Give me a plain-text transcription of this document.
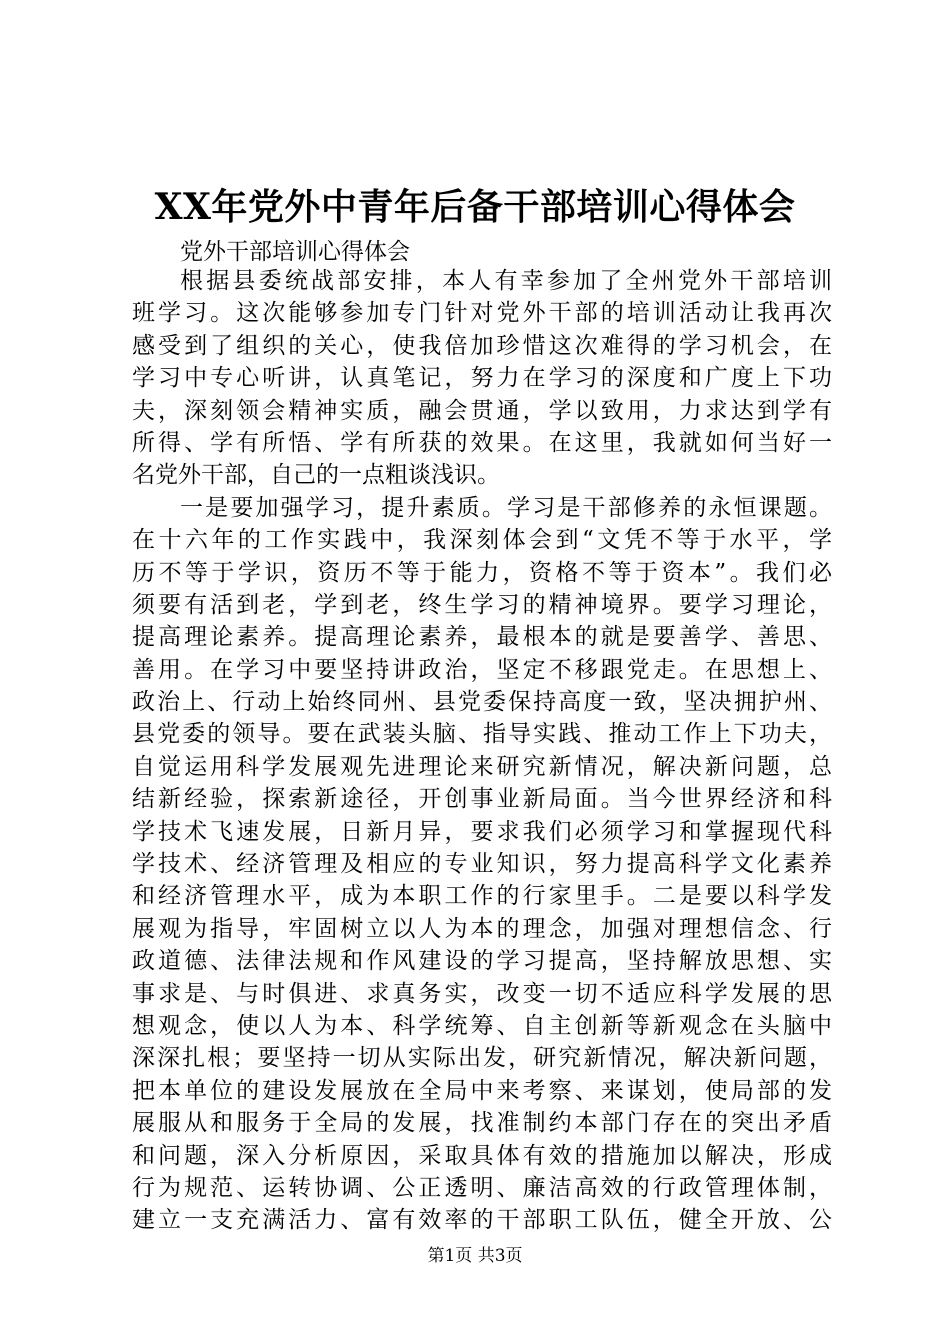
XX年党外中青年后备干部培训心得体会
党外干部培训心得体会
根据县委统战部安排，本人有幸参加了全州党外干部培训
班学习。这次能够参加专门针对党外干部的培训活动让我再次
感受到了组织的关心，使我倍加珍惜这次难得的学习机会，在
学习中专心听讲，认真笔记，努力在学习的深度和广度上下功
夫，深刻领会精神实质，融会贯通，学以致用，力求达到学有
所得、学有所悟、学有所获的效果。在这里，我就如何当好一
名党外干部，自己的一点粗谈浅识。
一是要加强学习，提升素质。学习是干部修养的永恒课题。
在十六年的工作实践中，我深刻体会到“文凭不等于水平，学
历不等于学识，资历不等于能力，资格不等于资本”。我们必
须要有活到老，学到老，终生学习的精神境界。要学习理论，
提高理论素养。提高理论素养，最根本的就是要善学、善思、
善用。在学习中要坚持讲政治，坚定不移跟党走。在思想上、
政治上、行动上始终同州、县党委保持高度一致，坚决拥护州、
县党委的领导。要在武装头脑、指导实践、推动工作上下功夫，
自觉运用科学发展观先进理论来研究新情况，解决新问题，总
结新经验，探索新途径，开创事业新局面。当今世界经济和科
学技术飞速发展，日新月异，要求我们必须学习和掌握现代科
学技术、经济管理及相应的专业知识，努力提高科学文化素养
和经济管理水平，成为本职工作的行家里手。二是要以科学发
展观为指导，牢固树立以人为本的理念，加强对理想信念、行
政道德、法律法规和作风建设的学习提高，坚持解放思想、实
事求是、与时俱进、求真务实，改变一切不适应科学发展的思
想观念，使以人为本、科学统筹、自主创新等新观念在头脑中
深深扎根；要坚持一切从实际出发，研究新情况，解决新问题，
把本单位的建设发展放在全局中来考察、来谋划，使局部的发
展服从和服务于全局的发展，找准制约本部门存在的突出矛盾
和问题，深入分析原因，采取具体有效的措施加以解决，形成
行为规范、运转协调、公正透明、廉洁高效的行政管理体制，
建立一支充满活力、富有效率的干部职工队伍，健全开放、公
第1页 共3页
